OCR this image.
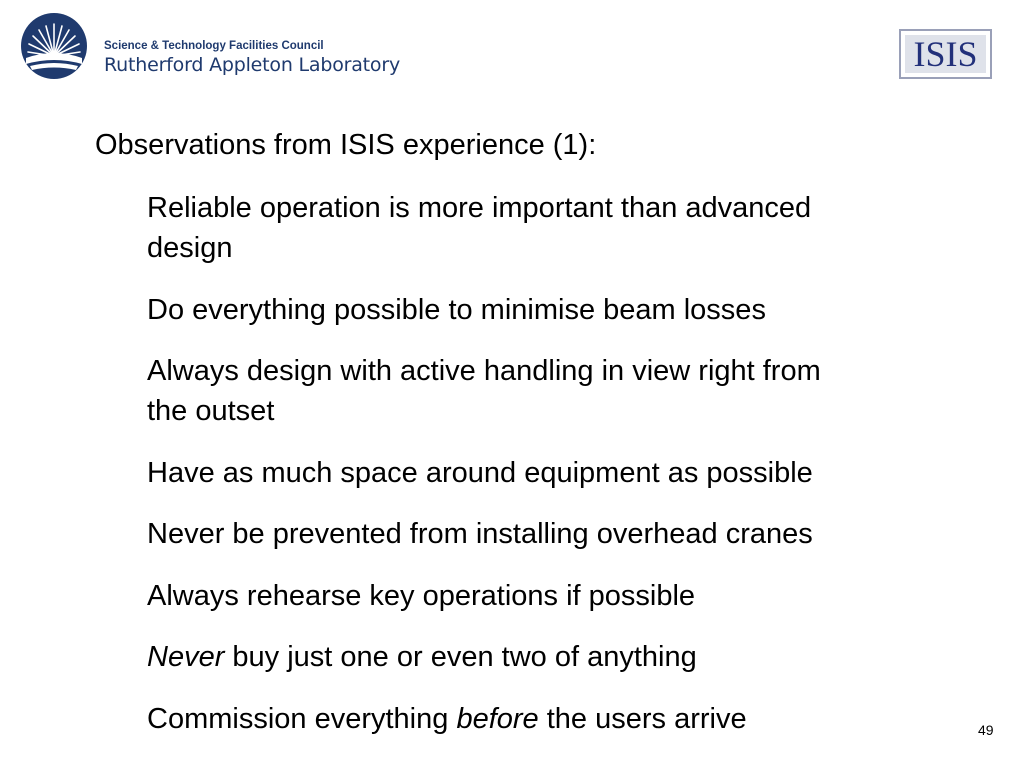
Science & Technology Facilities Council
Rutherford Appleton Laboratory	ISIS
Observations from ISIS experience (1):
Reliable operation is more important than advanced
design
Do everything possible to minimise beam losses
Always design with active handling in view right from
the outset
Have as much space around equipment as possible
Never be prevented from installing overhead cranes
Always rehearse key operations if possible
Never buy just one or even two of anything
Commission everything before the users arrive	49
